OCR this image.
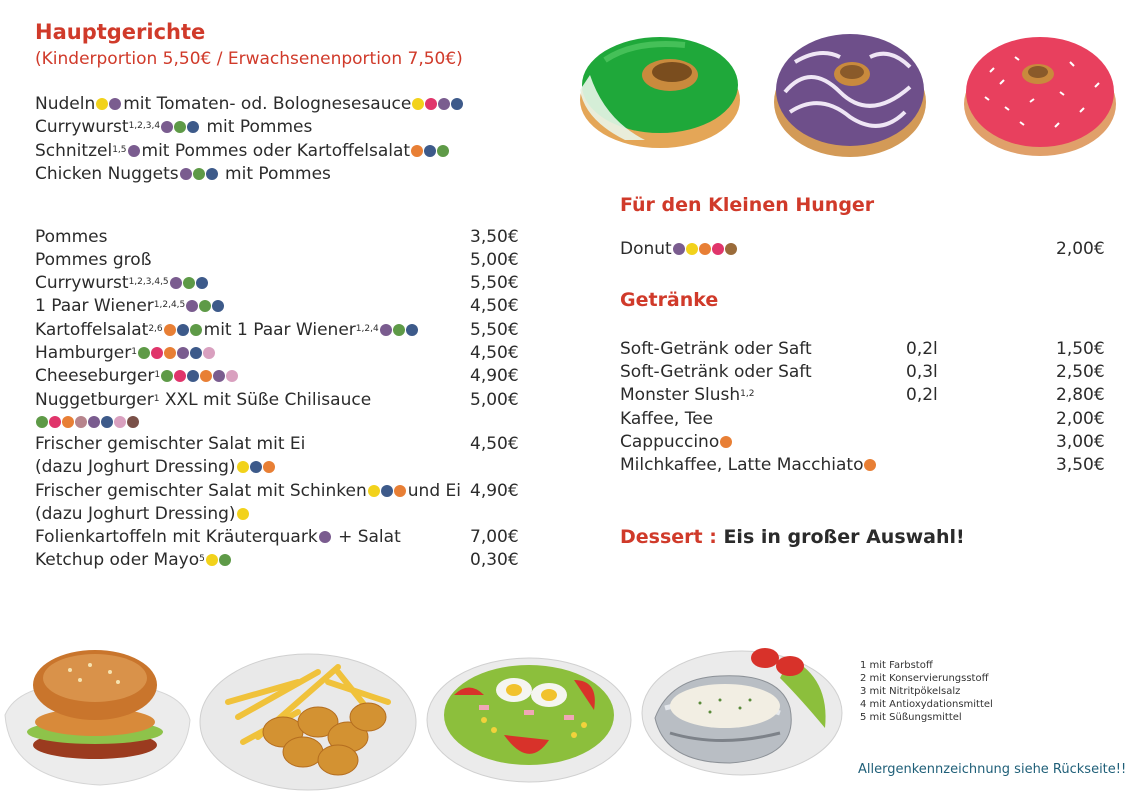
Hauptgerichte
(Kinderportion 5,50€ / Erwachsenenportion 7,50€)
Nudeln mit Tomaten- od. Bolognesesauce
Currywurst$^{1,2,3,4}$ mit Pommes
Schnitzel$^{1,5}$ mit Pommes oder Kartoffelsalat
Chicken Nuggets mit Pommes
Pommes	3,50€
Pommes groß	5,00€
Currywurst$^{1,2,3,4,5}$	5,50€
1 Paar Wiener$^{1,2,4,5}$	4,50€
Kartoffelsalat$^{2,6}$ mit 1 Paar Wiener$^{1,2,4}$	5,50€
Hamburger$^1$	4,50€
Cheeseburger$^1$	4,90€
Nuggetburger$^1$ XXL mit Süße Chilisauce	5,00€
Frischer gemischter Salat mit Ei	4,50€
(dazu Joghurt Dressing)
Frischer gemischter Salat mit Schinken und Ei 4,90€
(dazu Joghurt Dressing)
Folienkartoffeln mit Kräuterquark + Salat	7,00€
Ketchup oder Mayo$^5$	0,30€
Für den Kleinen Hunger
Donut	2,00€
Getränke
Soft-Getränk oder Saft	0,2l	1,50€
Soft-Getränk oder Saft	0,3l	2,50€
Monster Slush$^{1,2}$	0,2l	2,80€
Kaffee, Tee	2,00€
Cappuccino	3,00€
Milchkaffee, Latte Macchiato	3,50€
Dessert : Eis in großer Auswahl!
1 mit Farbstoff
2 mit Konservierungsstoff
3 mit Nitritpökelsalz
4 mit Antioxydationsmittel
5 mit Süßungsmittel
Allergenkennzeichnung siehe Rückseite!!
